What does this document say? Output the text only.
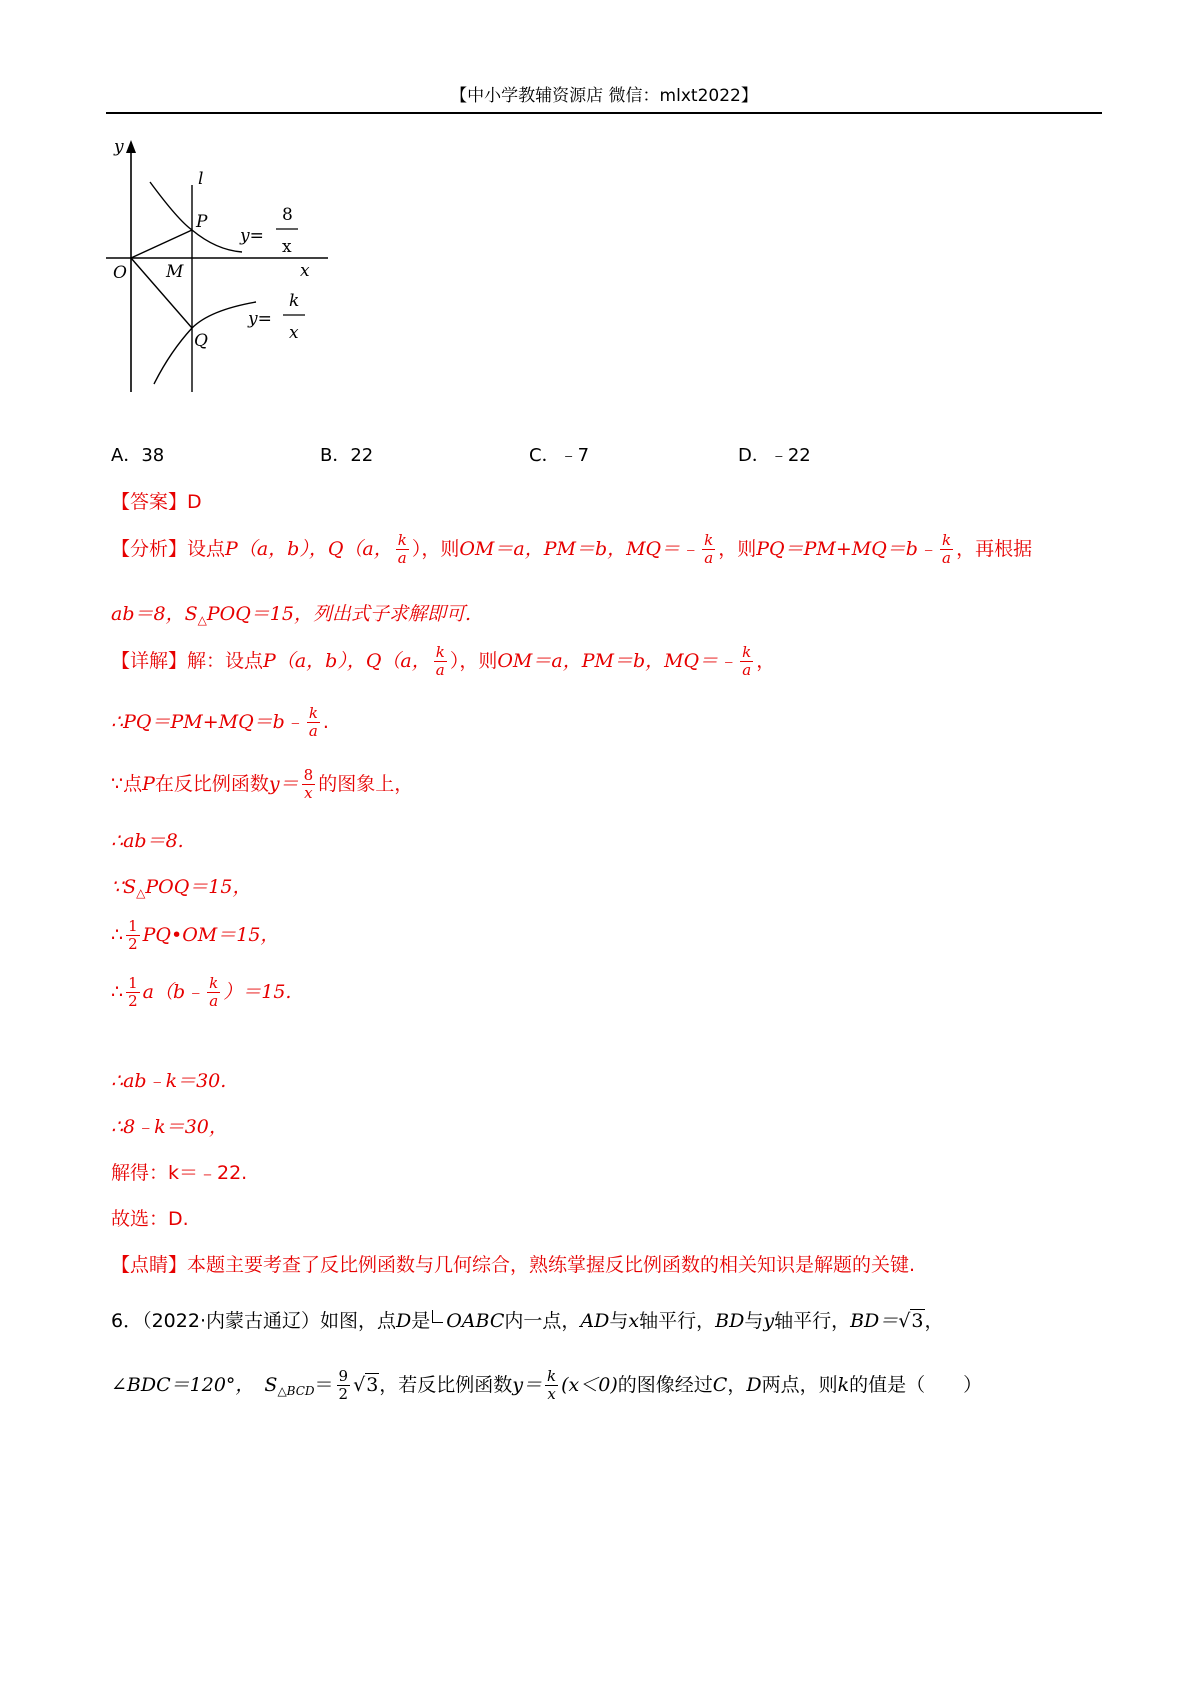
【中小学教辅资源店 微信：mlxt2022】
y
x
O
l
P
M
Q
y=
8
x
y=
k
x
A．38	B．22	C．﹣7	D．﹣22
【答案】D
【分析】设点P（a，b），Q（a， $\frac{k}{a}$ ），则OM＝a，PM＝b，MQ＝﹣ $\frac{k}{a}$ ，则PQ＝PM+MQ＝b﹣ $\frac{k}{a}$ ，再根据
ab＝8，$S_\triangle POQ=15$，列出式子求解即可.
【详解】解：设点P（a，b），Q（a， $\frac{k}{a}$ ），则OM＝a，PM＝b，MQ＝﹣ $\frac{k}{a}$ ，
∴PQ＝PM+MQ＝b﹣ $\frac{k}{a}$ .
∵点P在反比例函数$y= \frac{8}{x}$ 的图象上，
∴ab＝8.
$\because S_\triangle POQ=15$，
∴ $\frac{1}{2}$ PQ•OM＝15，
∴ $\frac{1}{2}$ a（b﹣ $\frac{k}{a} )=15$.
∴ab﹣k＝30.
∴8﹣k＝30，
解得：k＝﹣22.
故选：D.
【点睛】本题主要考查了反比例函数与几何综合，熟练掌握反比例函数的相关知识是解题的关键.
6．（2022·内蒙古通辽）如图，点D是 OABC内一点，AD与x轴平行，BD与y轴平行，BD＝√3，
∠BDC＝120°， $S_{\triangle BCD}= \frac{9}{2} √3$，若反比例函数$y= \frac{k}{x} (x<0)$的图像经过C，D两点，则k的值是（　　）
